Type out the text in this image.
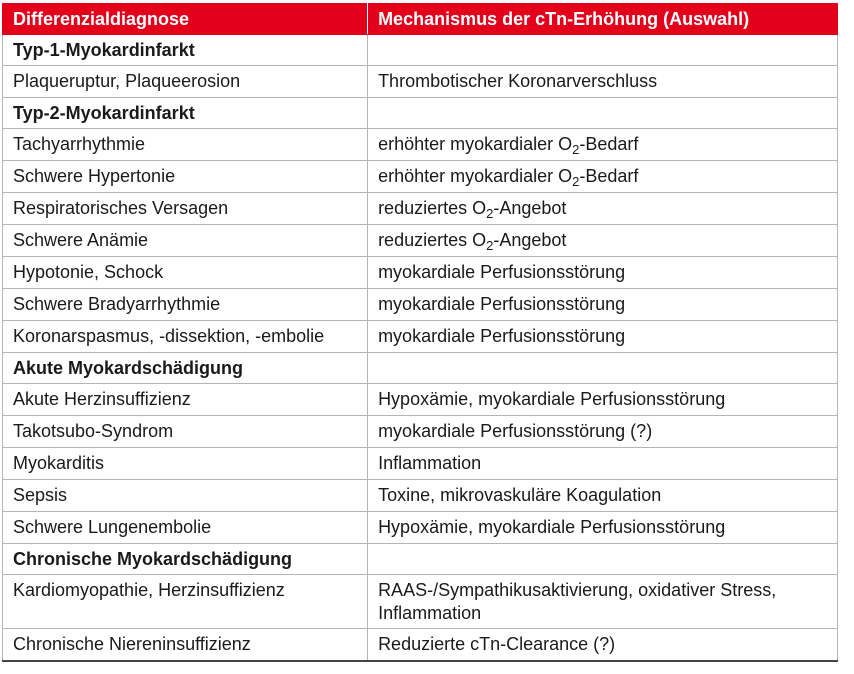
Differenzialdiagnose	Mechanismus der cTn-Erhöhung (Auswahl)
Typ-1-Myokardinfarkt	
Plaqueruptur, Plaqueerosion	Thrombotischer Koronarverschluss
Typ-2-Myokardinfarkt	
Tachyarrhythmie	erhöhter myokardialer $O_2$-Bedarf
Schwere Hypertonie	erhöhter myokardialer $O_2$-Bedarf
Respiratorisches Versagen	reduziertes $O_2$-Angebot
Schwere Anämie	reduziertes $O_2$-Angebot
Hypotonie, Schock	myokardiale Perfusionsstörung
Schwere Bradyarrhythmie	myokardiale Perfusionsstörung
Koronarspasmus, -dissektion, -embolie	myokardiale Perfusionsstörung
Akute Myokardschädigung	
Akute Herzinsuffizienz	Hypoxämie, myokardiale Perfusionsstörung
Takotsubo-Syndrom	myokardiale Perfusionsstörung (?)
Myokarditis	Inflammation
Sepsis	Toxine, mikrovaskuläre Koagulation
Schwere Lungenembolie	Hypoxämie, myokardiale Perfusionsstörung
Chronische Myokardschädigung	
Kardiomyopathie, Herzinsuffizienz	RAAS-/Sympathikusaktivierung, oxidativer Stress,
Inflammation

Chronische Niereninsuffizienz	Reduzierte cTn-Clearance (?)
